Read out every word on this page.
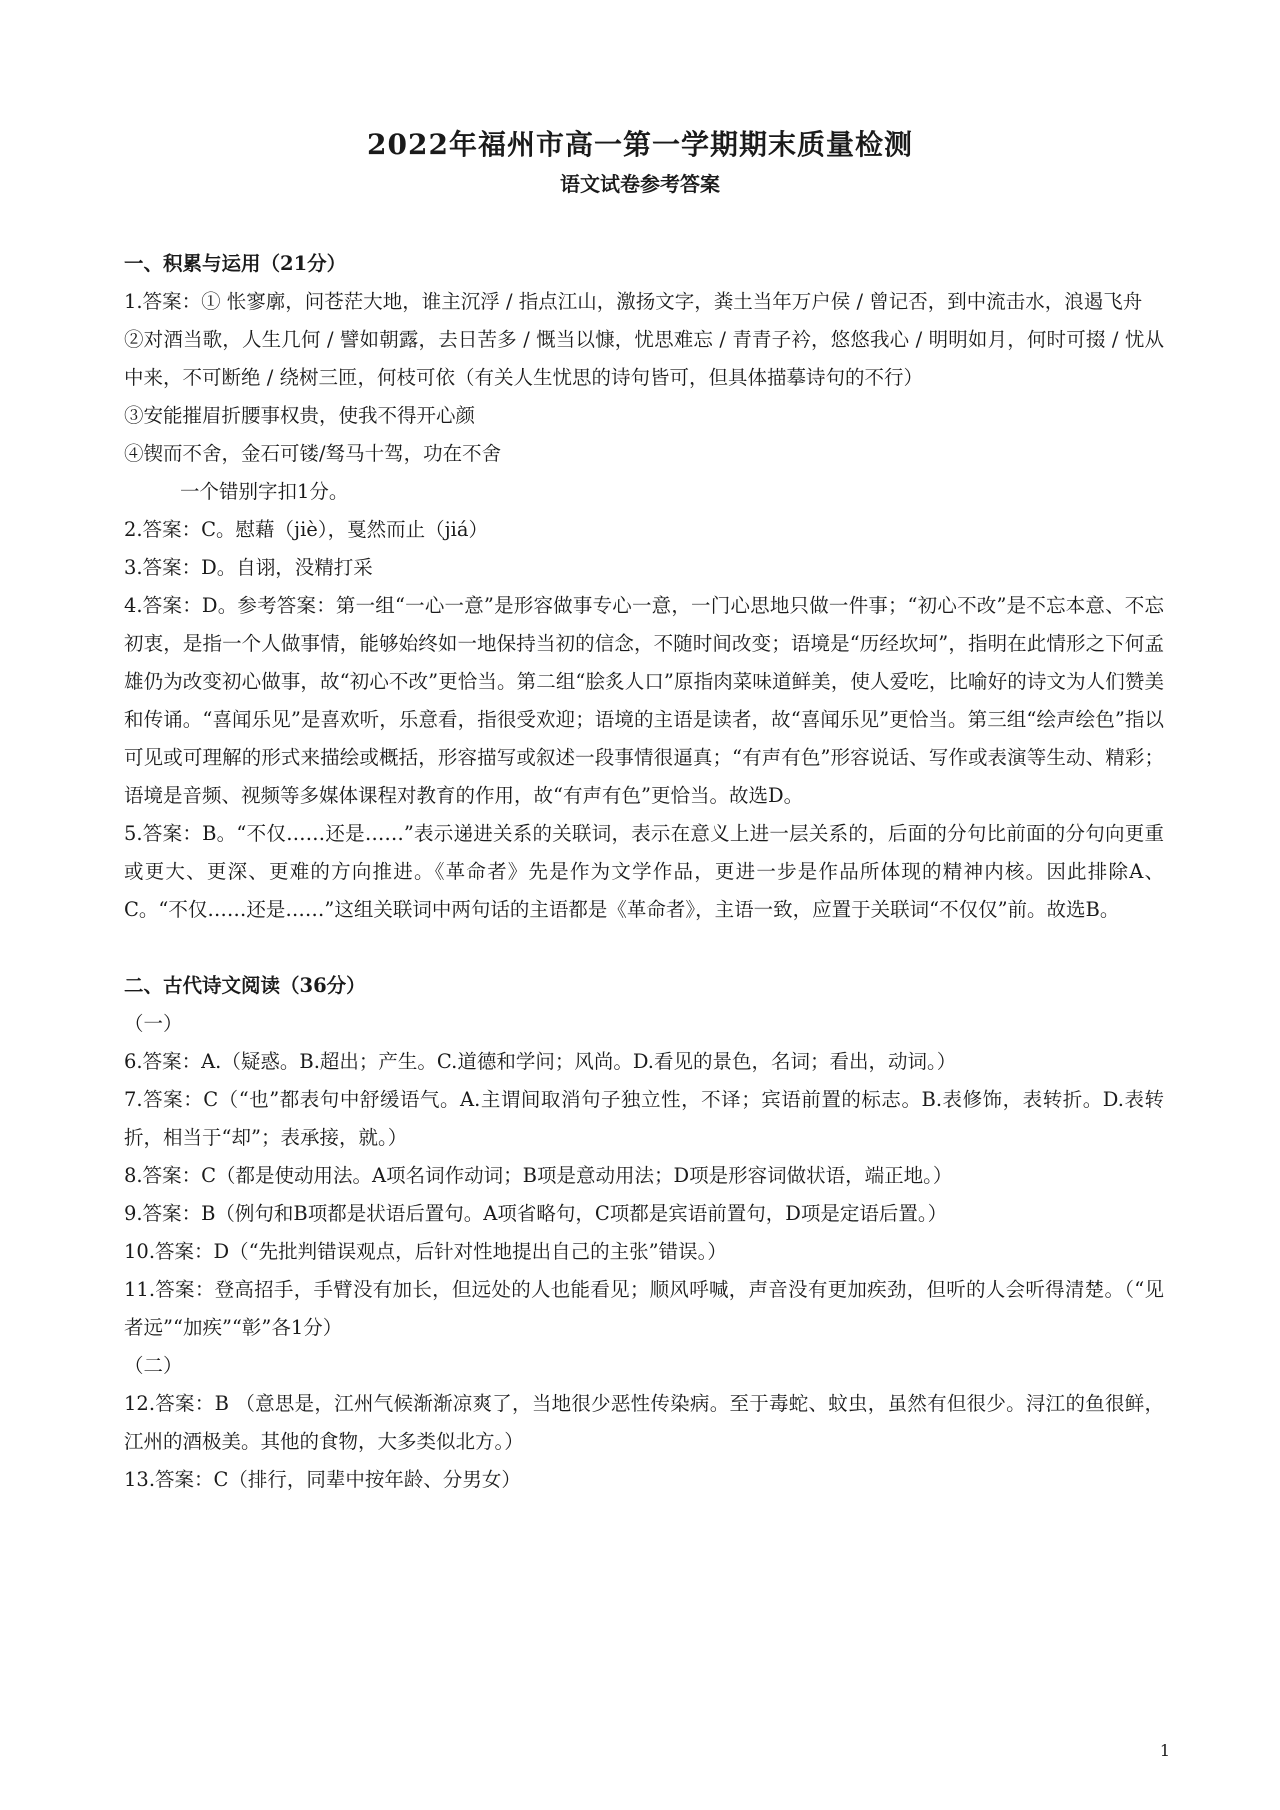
2022年福州市高一第一学期期末质量检测
语文试卷参考答案

一、积累与运用（21分）

1.答案：① 怅寥廓，问苍茫大地，谁主沉浮 / 指点江山，激扬文字，粪土当年万户侯 / 曾记否，到中流击水，浪遏飞舟

②对酒当歌，人生几何 / 譬如朝露，去日苦多 / 慨当以慷，忧思难忘 / 青青子衿，悠悠我心 / 明明如月，何时可掇 / 忧从中来，不可断绝 / 绕树三匝，何枝可依（有关人生忧思的诗句皆可，但具体描摹诗句的不行）

③安能摧眉折腰事权贵，使我不得开心颜

④锲而不舍，金石可镂/驽马十驾，功在不舍

一个错别字扣1分。

2.答案：C。慰藉（jiè），戛然而止（jiá）

3.答案：D。自诩，没精打采

4.答案：D。参考答案：第一组“一心一意”是形容做事专心一意，一门心思地只做一件事；“初心不改”是不忘本意、不忘初衷，是指一个人做事情，能够始终如一地保持当初的信念，不随时间改变；语境是“历经坎坷”，指明在此情形之下何孟雄仍为改变初心做事，故“初心不改”更恰当。第二组“脍炙人口”原指肉菜味道鲜美，使人爱吃，比喻好的诗文为人们赞美和传诵。“喜闻乐见”是喜欢听，乐意看，指很受欢迎；语境的主语是读者，故“喜闻乐见”更恰当。第三组“绘声绘色”指以可见或可理解的形式来描绘或概括，形容描写或叙述一段事情很逼真；“有声有色”形容说话、写作或表演等生动、精彩；语境是音频、视频等多媒体课程对教育的作用，故“有声有色”更恰当。故选D。

5.答案：B。“不仅……还是……”表示递进关系的关联词，表示在意义上进一层关系的，后面的分句比前面的分句向更重或更大、更深、更难的方向推进。《革命者》先是作为文学作品，更进一步是作品所体现的精神内核。因此排除A、C。“不仅……还是……”这组关联词中两句话的主语都是《革命者》，主语一致，应置于关联词“不仅仅”前。故选B。

二、古代诗文阅读（36分）

（一）

6.答案：A.（疑惑。B.超出；产生。C.道德和学问；风尚。D.看见的景色，名词；看出，动词。）

7.答案：C（“也”都表句中舒缓语气。A.主谓间取消句子独立性，不译；宾语前置的标志。B.表修饰，表转折。D.表转折，相当于“却”；表承接，就。）

8.答案：C（都是使动用法。A项名词作动词；B项是意动用法；D项是形容词做状语，端正地。）

9.答案：B（例句和B项都是状语后置句。A项省略句，C项都是宾语前置句，D项是定语后置。）

10.答案：D（“先批判错误观点，后针对性地提出自己的主张”错误。）

11.答案：登高招手，手臂没有加长，但远处的人也能看见；顺风呼喊，声音没有更加疾劲，但听的人会听得清楚。（“见者远”“加疾”“彰”各1分）

（二）

12.答案：B （意思是，江州气候渐渐凉爽了，当地很少恶性传染病。至于毒蛇、蚊虫，虽然有但很少。浔江的鱼很鲜，江州的酒极美。其他的食物，大多类似北方。）

13.答案：C（排行，同辈中按年龄、分男女）

1
